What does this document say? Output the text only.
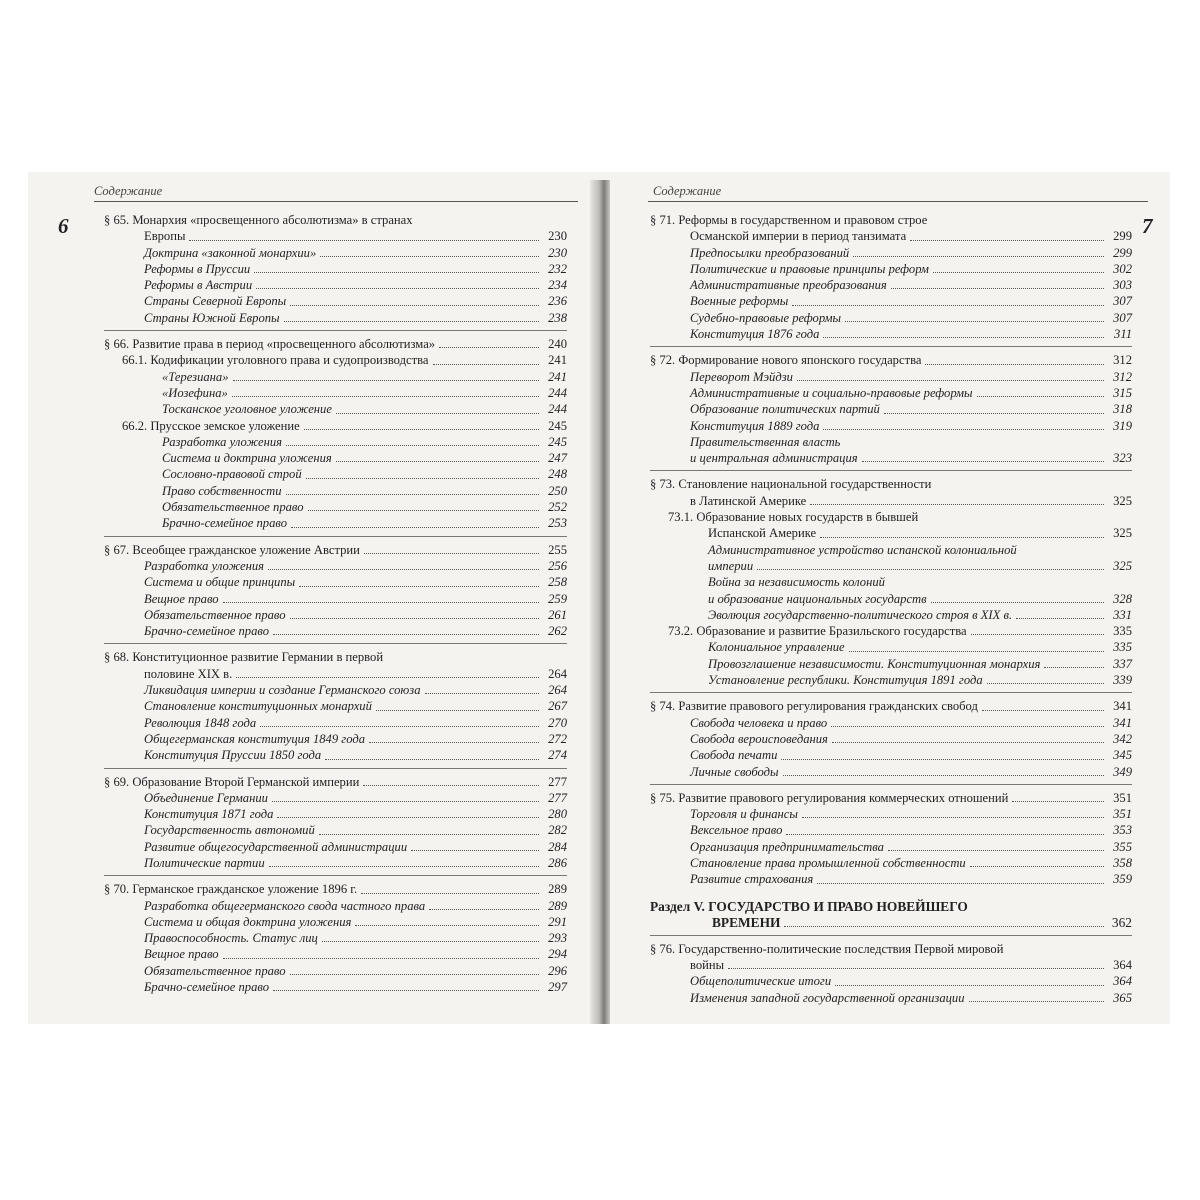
Содержание
6	§ 65. Монархия «просвещенного абсолютизма» в странах
Европы	230
Доктрина «законной монархии»	230
Реформы в Пруссии	232
Реформы в Австрии	234
Страны Северной Европы	236
Страны Южной Европы	238
§ 66. Развитие права в период «просвещенного абсолютизма»	240
66.1. Кодификации уголовного права и судопроизводства	241
«Терезиана»	241
«Иозефина»	244
Тосканское уголовное уложение	244
66.2. Прусское земское уложение	245
Разработка уложения	245
Система и доктрина уложения	247
Сословно-правовой строй	248
Право собственности	250
Обязательственное право	252
Брачно-семейное право	253
§ 67. Всеобщее гражданское уложение Австрии	255
Разработка уложения	256
Система и общие принципы	258
Вещное право	259
Обязательственное право	261
Брачно-семейное право	262
§ 68. Конституционное развитие Германии в первой
половине XIX в.	264
Ликвидация империи и создание Германского союза	264
Становление конституционных монархий	267
Революция 1848 года	270
Общегерманская конституция 1849 года	272
Конституция Пруссии 1850 года	274
§ 69. Образование Второй Германской империи	277
Объединение Германии	277
Конституция 1871 года	280
Государственность автономий	282
Развитие общегосударственной администрации	284
Политические партии	286
§ 70. Германское гражданское уложение 1896 г.	289
Разработка общегерманского свода частного права	289
Система и общая доктрина уложения	291
Правоспособность. Статус лиц	293
Вещное право	294
Обязательственное право	296
Брачно-семейное право	297
Содержание
7
§ 71. Реформы в государственном и правовом строе
Османской империи в период танзимата	299
Предпосылки преобразований	299
Политические и правовые принципы реформ	302
Административные преобразования	303
Военные реформы	307
Судебно-правовые реформы	307
Конституция 1876 года	311
§ 72. Формирование нового японского государства	312
Переворот Мэйдзи	312
Административные и социально-правовые реформы	315
Образование политических партий	318
Конституция 1889 года	319
Правительственная власть
и центральная администрация	323
§ 73. Становление национальной государственности
в Латинской Америке	325
73.1. Образование новых государств в бывшей
Испанской Америке	325
Административное устройство испанской колониальной
империи	325
Война за независимость колоний
и образование национальных государств	328
Эволюция государственно-политического строя в XIX в.	331
73.2. Образование и развитие Бразильского государства	335
Колониальное управление	335
Провозглашение независимости. Конституционная монархия	337
Установление республики. Конституция 1891 года	339
§ 74. Развитие правового регулирования гражданских свобод	341
Свобода человека и право	341
Свобода вероисповедания	342
Свобода печати	345
Личные свободы	349
§ 75. Развитие правового регулирования коммерческих отношений	351
Торговля и финансы	351
Вексельное право	353
Организация предпринимательства	355
Становление права промышленной собственности	358
Развитие страхования	359
Раздел V. ГОСУДАРСТВО И ПРАВО НОВЕЙШЕГО
ВРЕМЕНИ	362
§ 76. Государственно-политические последствия Первой мировой
войны	364
Общеполитические итоги	364
Изменения западной государственной организации	365
